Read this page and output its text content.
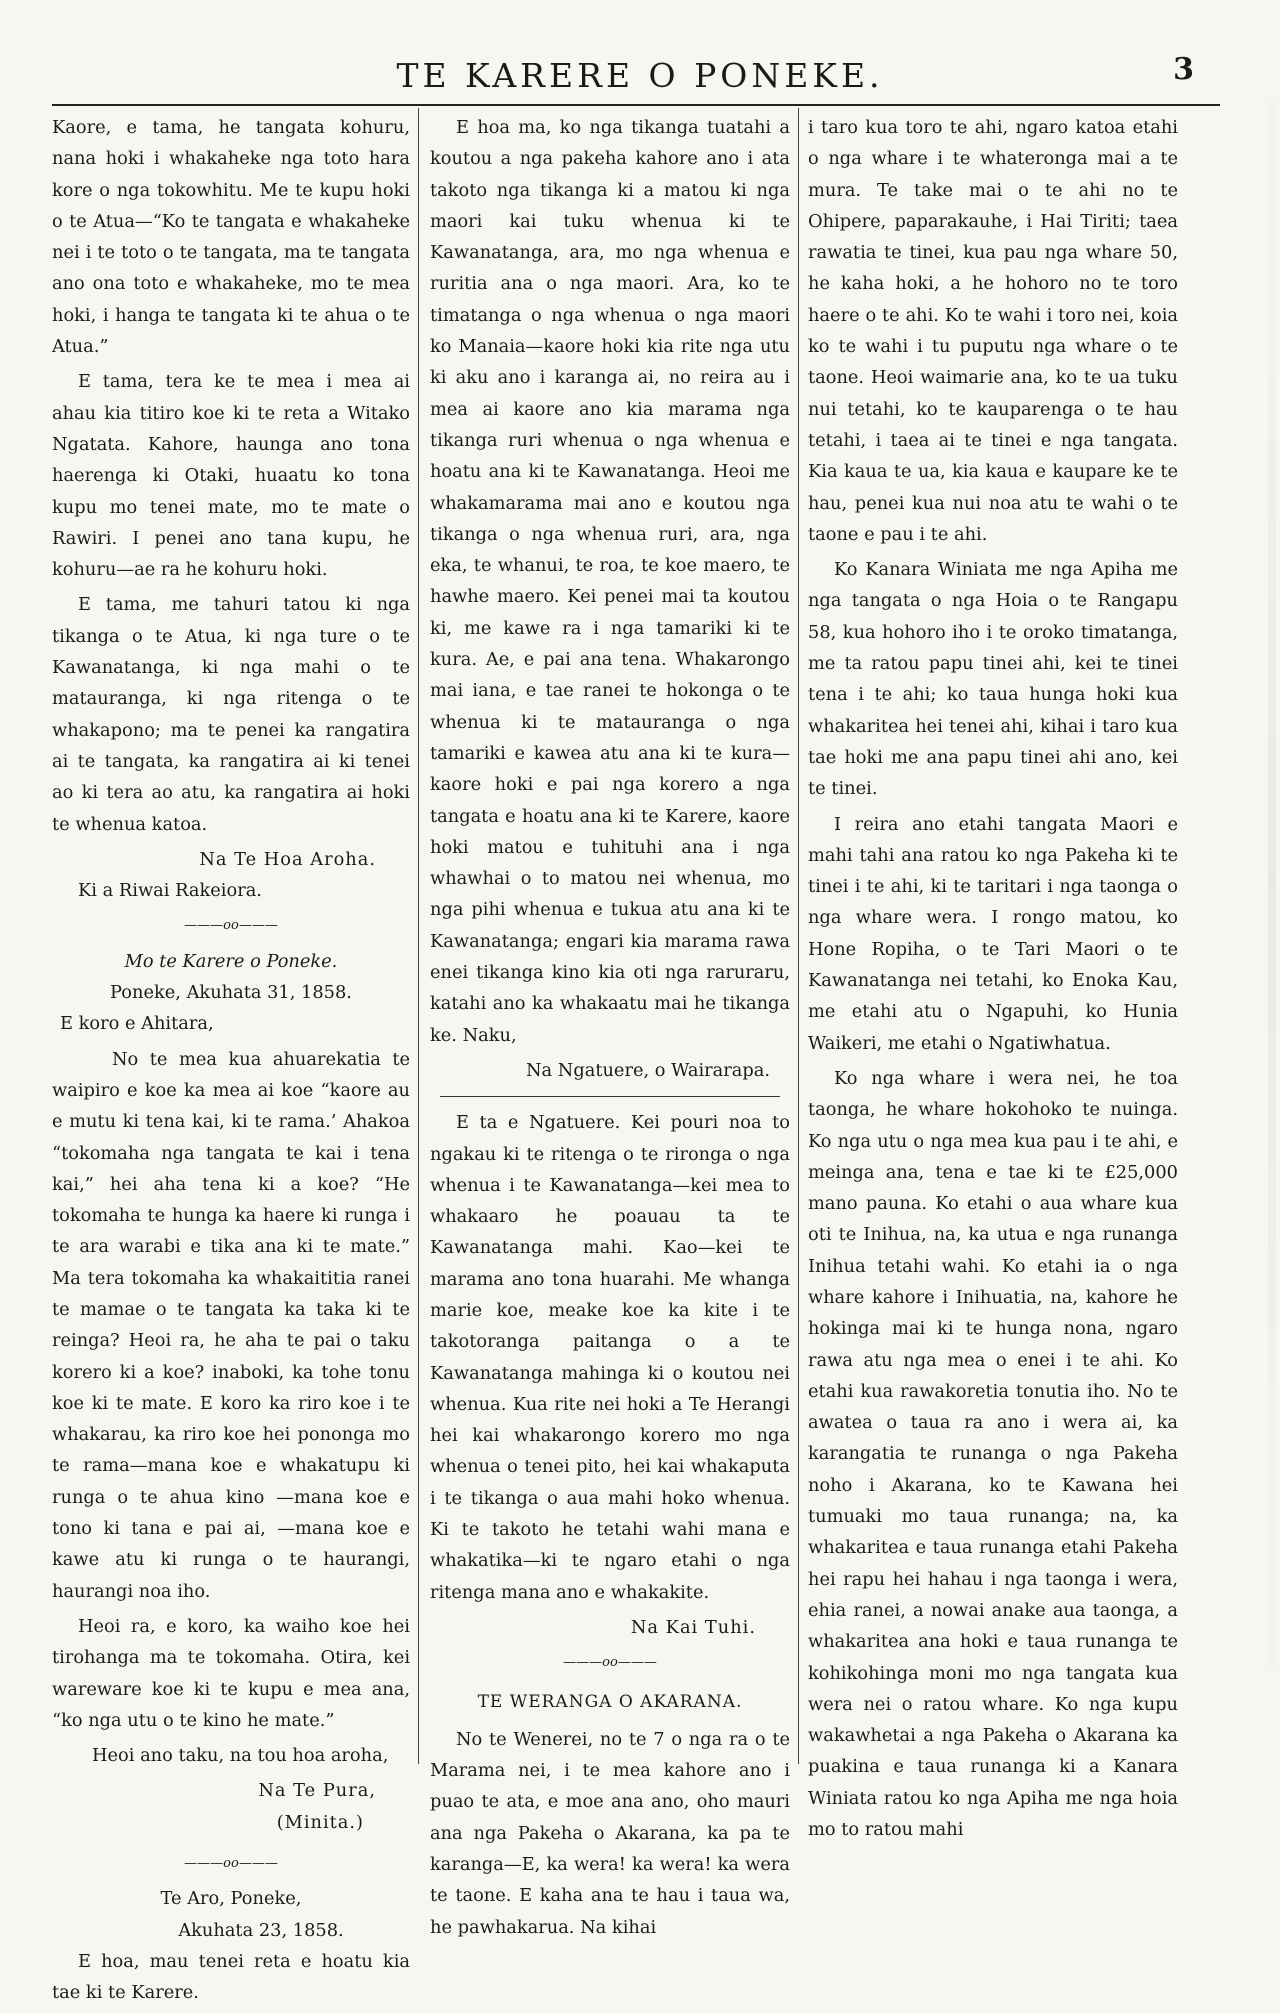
TE KARERE O PONEKE.	3

Kaore, e tama, he tangata kohuru, nana hoki i whakaheke nga toto hara kore o nga tokowhitu. Me te kupu hoki o te Atua—“Ko te tangata e whakaheke nei i te toto o te tangata, ma te tangata ano ona toto e whakaheke, mo te mea hoki, i hanga te tangata ki te ahua o te Atua.”

E tama, tera ke te mea i mea ai ahau kia titiro koe ki te reta a Witako Ngatata. Kahore, haunga ano tona haerenga ki Otaki, huaatu ko tona kupu mo tenei mate, mo te mate o Rawiri. I penei ano tana kupu, he kohuru—ae ra he kohuru hoki.

E tama, me tahuri tatou ki nga tikanga o te Atua, ki nga ture o te Kawanatanga, ki nga mahi o te matauranga, ki nga ritenga o te whakapono; ma te penei ka rangatira ai te tangata, ka rangatira ai ki tenei ao ki tera ao atu, ka rangatira ai hoki te whenua katoa.

Na Te Hoa Aroha.

Ki a Riwai Rakeiora.

———oo———
Mo te Karere o Poneke.
Poneke, Akuhata 31, 1858.

E koro e Ahitara,

No te mea kua ahuarekatia te waipiro e koe ka mea ai koe “kaore au e mutu ki tena kai, ki te rama.’ Ahakoa “tokomaha nga tangata te kai i tena kai,” hei aha tena ki a koe? “He tokomaha te hunga ka haere ki runga i te ara warabi e tika ana ki te mate.” Ma tera tokomaha ka whakaititia ranei te mamae o te tangata ka taka ki te reinga? Heoi ra, he aha te pai o taku korero ki a koe? inaboki, ka tohe tonu koe ki te mate. E koro ka riro koe i te whakarau, ka riro koe hei pononga mo te rama—mana koe e whakatupu ki runga o te ahua kino —mana koe e tono ki tana e pai ai, —mana koe e kawe atu ki runga o te haurangi, haurangi noa iho.

Heoi ra, e koro, ka waiho koe hei tirohanga ma te tokomaha. Otira, kei wareware koe ki te kupu e mea ana, “ko nga utu o te kino he mate.”

Heoi ano taku, na tou hoa aroha,

Na Te Pura,
(Minita.)
———oo———
Te Aro, Poneke,
Akuhata 23, 1858.

E hoa, mau tenei reta e hoatu kia tae ki te Karere.

E hoa ma, ko nga tikanga tuatahi a koutou a nga pakeha kahore ano i ata takoto nga tikanga ki a matou ki nga maori kai tuku whenua ki te Kawanatanga, ara, mo nga whenua e ruritia ana o nga maori. Ara, ko te timatanga o nga whenua o nga maori ko Manaia—kaore hoki kia rite nga utu ki aku ano i karanga ai, no reira au i mea ai kaore ano kia marama nga tikanga ruri whenua o nga whenua e hoatu ana ki te Kawanatanga. Heoi me whakamarama mai ano e koutou nga tikanga o nga whenua ruri, ara, nga eka, te whanui, te roa, te koe maero, te hawhe maero. Kei penei mai ta koutou ki, me kawe ra i nga tamariki ki te kura. Ae, e pai ana tena. Whakarongo mai iana, e tae ranei te hokonga o te whenua ki te matauranga o nga tamariki e kawea atu ana ki te kura—kaore hoki e pai nga korero a nga tangata e hoatu ana ki te Karere, kaore hoki matou e tuhituhi ana i nga whawhai o to matou nei whenua, mo nga pihi whenua e tukua atu ana ki te Kawanatanga; engari kia marama rawa enei tikanga kino kia oti nga raruraru, katahi ano ka whakaatu mai he tikanga ke. Naku,

Na Ngatuere, o Wairarapa.

E ta e Ngatuere. Kei pouri noa to ngakau ki te ritenga o te rironga o nga whenua i te Kawanatanga—kei mea to whakaaro he poauau ta te Kawanatanga mahi. Kao—kei te marama ano tona huarahi. Me whanga marie koe, meake koe ka kite i te takotoranga paitanga o a te Kawanatanga mahinga ki o koutou nei whenua. Kua rite nei hoki a Te Herangi hei kai whakarongo korero mo nga whenua o tenei pito, hei kai whakaputa i te tikanga o aua mahi hoko whenua. Ki te takoto he tetahi wahi mana e whakatika—ki te ngaro etahi o nga ritenga mana ano e whakakite.

Na Kai Tuhi.
———oo———
TE WERANGA O AKARANA.

No te Wenerei, no te 7 o nga ra o te Marama nei, i te mea kahore ano i puao te ata, e moe ana ano, oho mauri ana nga Pakeha o Akarana, ka pa te karanga—E, ka wera! ka wera! ka wera te taone. E kaha ana te hau i taua wa, he pawhakarua. Na kihai

i taro kua toro te ahi, ngaro katoa etahi o nga whare i te whateronga mai a te mura. Te take mai o te ahi no te Ohipere, paparakauhe, i Hai Tiriti; taea rawatia te tinei, kua pau nga whare 50, he kaha hoki, a he hohoro no te toro haere o te ahi. Ko te wahi i toro nei, koia ko te wahi i tu puputu nga whare o te taone. Heoi waimarie ana, ko te ua tuku nui tetahi, ko te kauparenga o te hau tetahi, i taea ai te tinei e nga tangata. Kia kaua te ua, kia kaua e kaupare ke te hau, penei kua nui noa atu te wahi o te taone e pau i te ahi.

Ko Kanara Winiata me nga Apiha me nga tangata o nga Hoia o te Rangapu 58, kua hohoro iho i te oroko timatanga, me ta ratou papu tinei ahi, kei te tinei tena i te ahi; ko taua hunga hoki kua whakaritea hei tenei ahi, kihai i taro kua tae hoki me ana papu tinei ahi ano, kei te tinei.

I reira ano etahi tangata Maori e mahi tahi ana ratou ko nga Pakeha ki te tinei i te ahi, ki te taritari i nga taonga o nga whare wera. I rongo matou, ko Hone Ropiha, o te Tari Maori o te Kawanatanga nei tetahi, ko Enoka Kau, me etahi atu o Ngapuhi, ko Hunia Waikeri, me etahi o Ngatiwhatua.

Ko nga whare i wera nei, he toa taonga, he whare hokohoko te nuinga. Ko nga utu o nga mea kua pau i te ahi, e meinga ana, tena e tae ki te £25,000 mano pauna. Ko etahi o aua whare kua oti te Inihua, na, ka utua e nga runanga Inihua tetahi wahi. Ko etahi ia o nga whare kahore i Inihuatia, na, kahore he hokinga mai ki te hunga nona, ngaro rawa atu nga mea o enei i te ahi. Ko etahi kua rawakoretia tonutia iho. No te awatea o taua ra ano i wera ai, ka karangatia te runanga o nga Pakeha noho i Akarana, ko te Kawana hei tumuaki mo taua runanga; na, ka whakaritea e taua runanga etahi Pakeha hei rapu hei hahau i nga taonga i wera, ehia ranei, a nowai anake aua taonga, a whakaritea ana hoki e taua runanga te kohikohinga moni mo nga tangata kua wera nei o ratou whare. Ko nga kupu wakawhetai a nga Pakeha o Akarana ka puakina e taua runanga ki a Kanara Winiata ratou ko nga Apiha me nga hoia mo to ratou mahi
